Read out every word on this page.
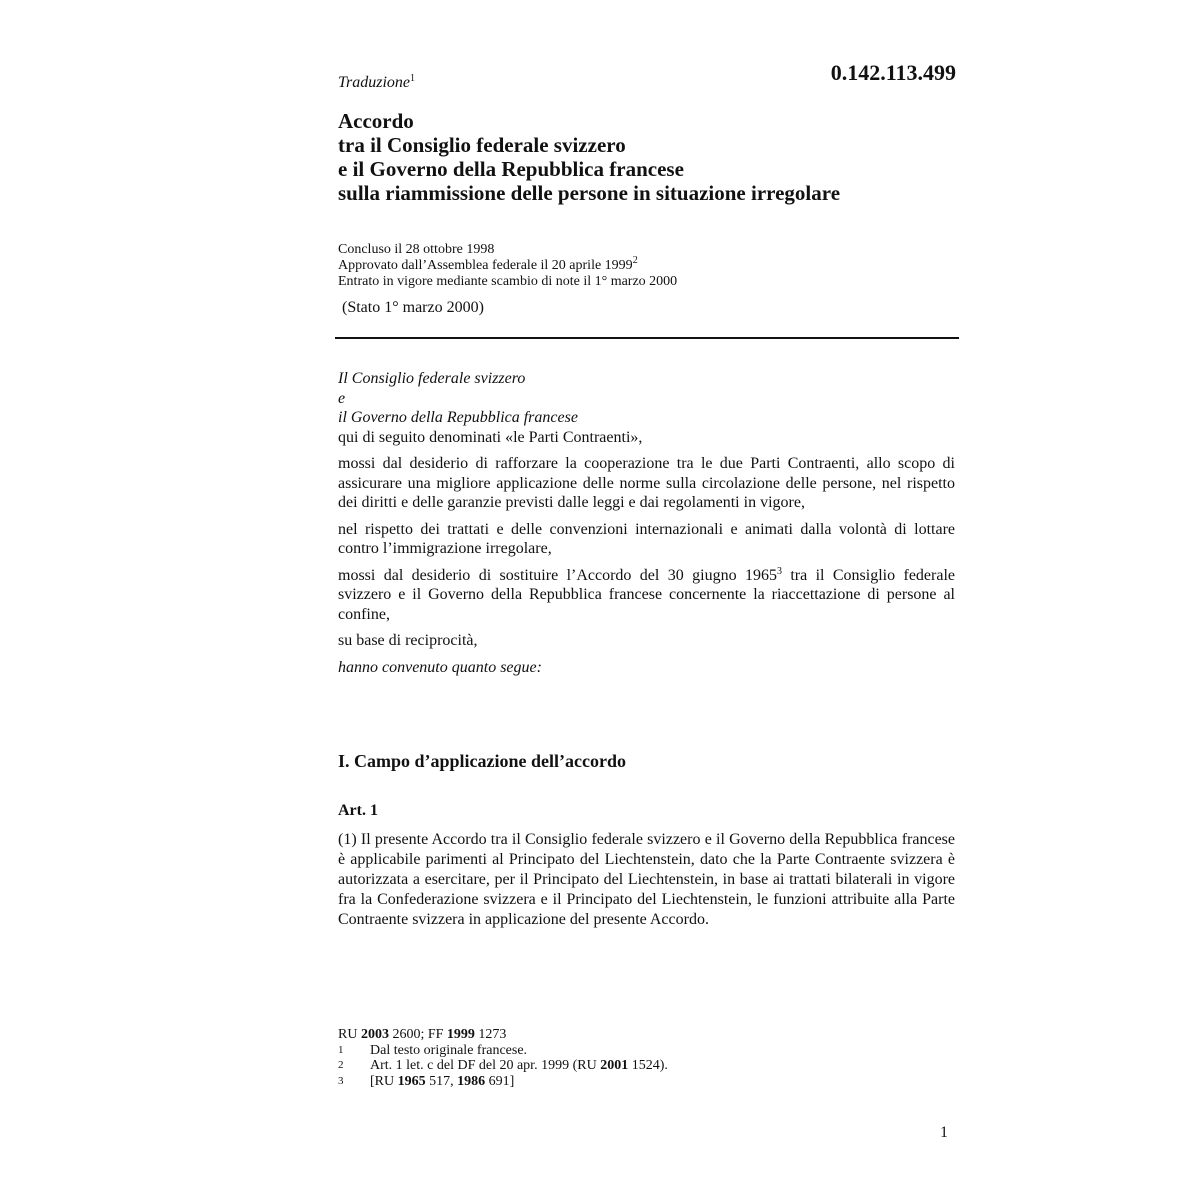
0.142.113.499
Traduzione$^1$
Accordo
tra il Consiglio federale svizzero
e il Governo della Repubblica francese
sulla riammissione delle persone in situazione irregolare
Concluso il 28 ottobre 1998
Approvato dall’Assemblea federale il 20 aprile 1999$^2$
Entrato in vigore mediante scambio di note il 1° marzo 2000
(Stato 1° marzo 2000)

Il Consiglio federale svizzero

e

il Governo della Repubblica francese

qui di seguito denominati «le Parti Contraenti»,

mossi dal desiderio di rafforzare la cooperazione tra le due Parti Contraenti, allo scopo di assicurare una migliore applicazione delle norme sulla circolazione delle persone, nel rispetto dei diritti e delle garanzie previsti dalle leggi e dai regolamenti in vigore,

nel rispetto dei trattati e delle convenzioni internazionali e animati dalla volontà di lottare contro l’immigrazione irregolare,

mossi dal desiderio di sostituire l’Accordo del 30 giugno 1965$^3$ tra il Consiglio federale svizzero e il Governo della Repubblica francese concernente la riaccettazione di persone al confine,

su base di reciprocità,

hanno convenuto quanto segue:

I. Campo d’applicazione dell’accordo
Art. 1
(1) Il presente Accordo tra il Consiglio federale svizzero e il Governo della Repubblica francese è applicabile parimenti al Principato del Liechtenstein, dato che la Parte Contraente svizzera è autorizzata a esercitare, per il Principato del Liechtenstein, in base ai trattati bilaterali in vigore fra la Confederazione svizzera e il Principato del Liechtenstein, le funzioni attribuite alla Parte Contraente svizzera in applicazione del presente Accordo.
RU 2003 2600; FF 1999 1273
1	Dal testo originale francese.
2	Art. 1 let. c del DF del 20 apr. 1999 (RU 2001 1524).
3	[RU 1965 517, 1986 691]
1
